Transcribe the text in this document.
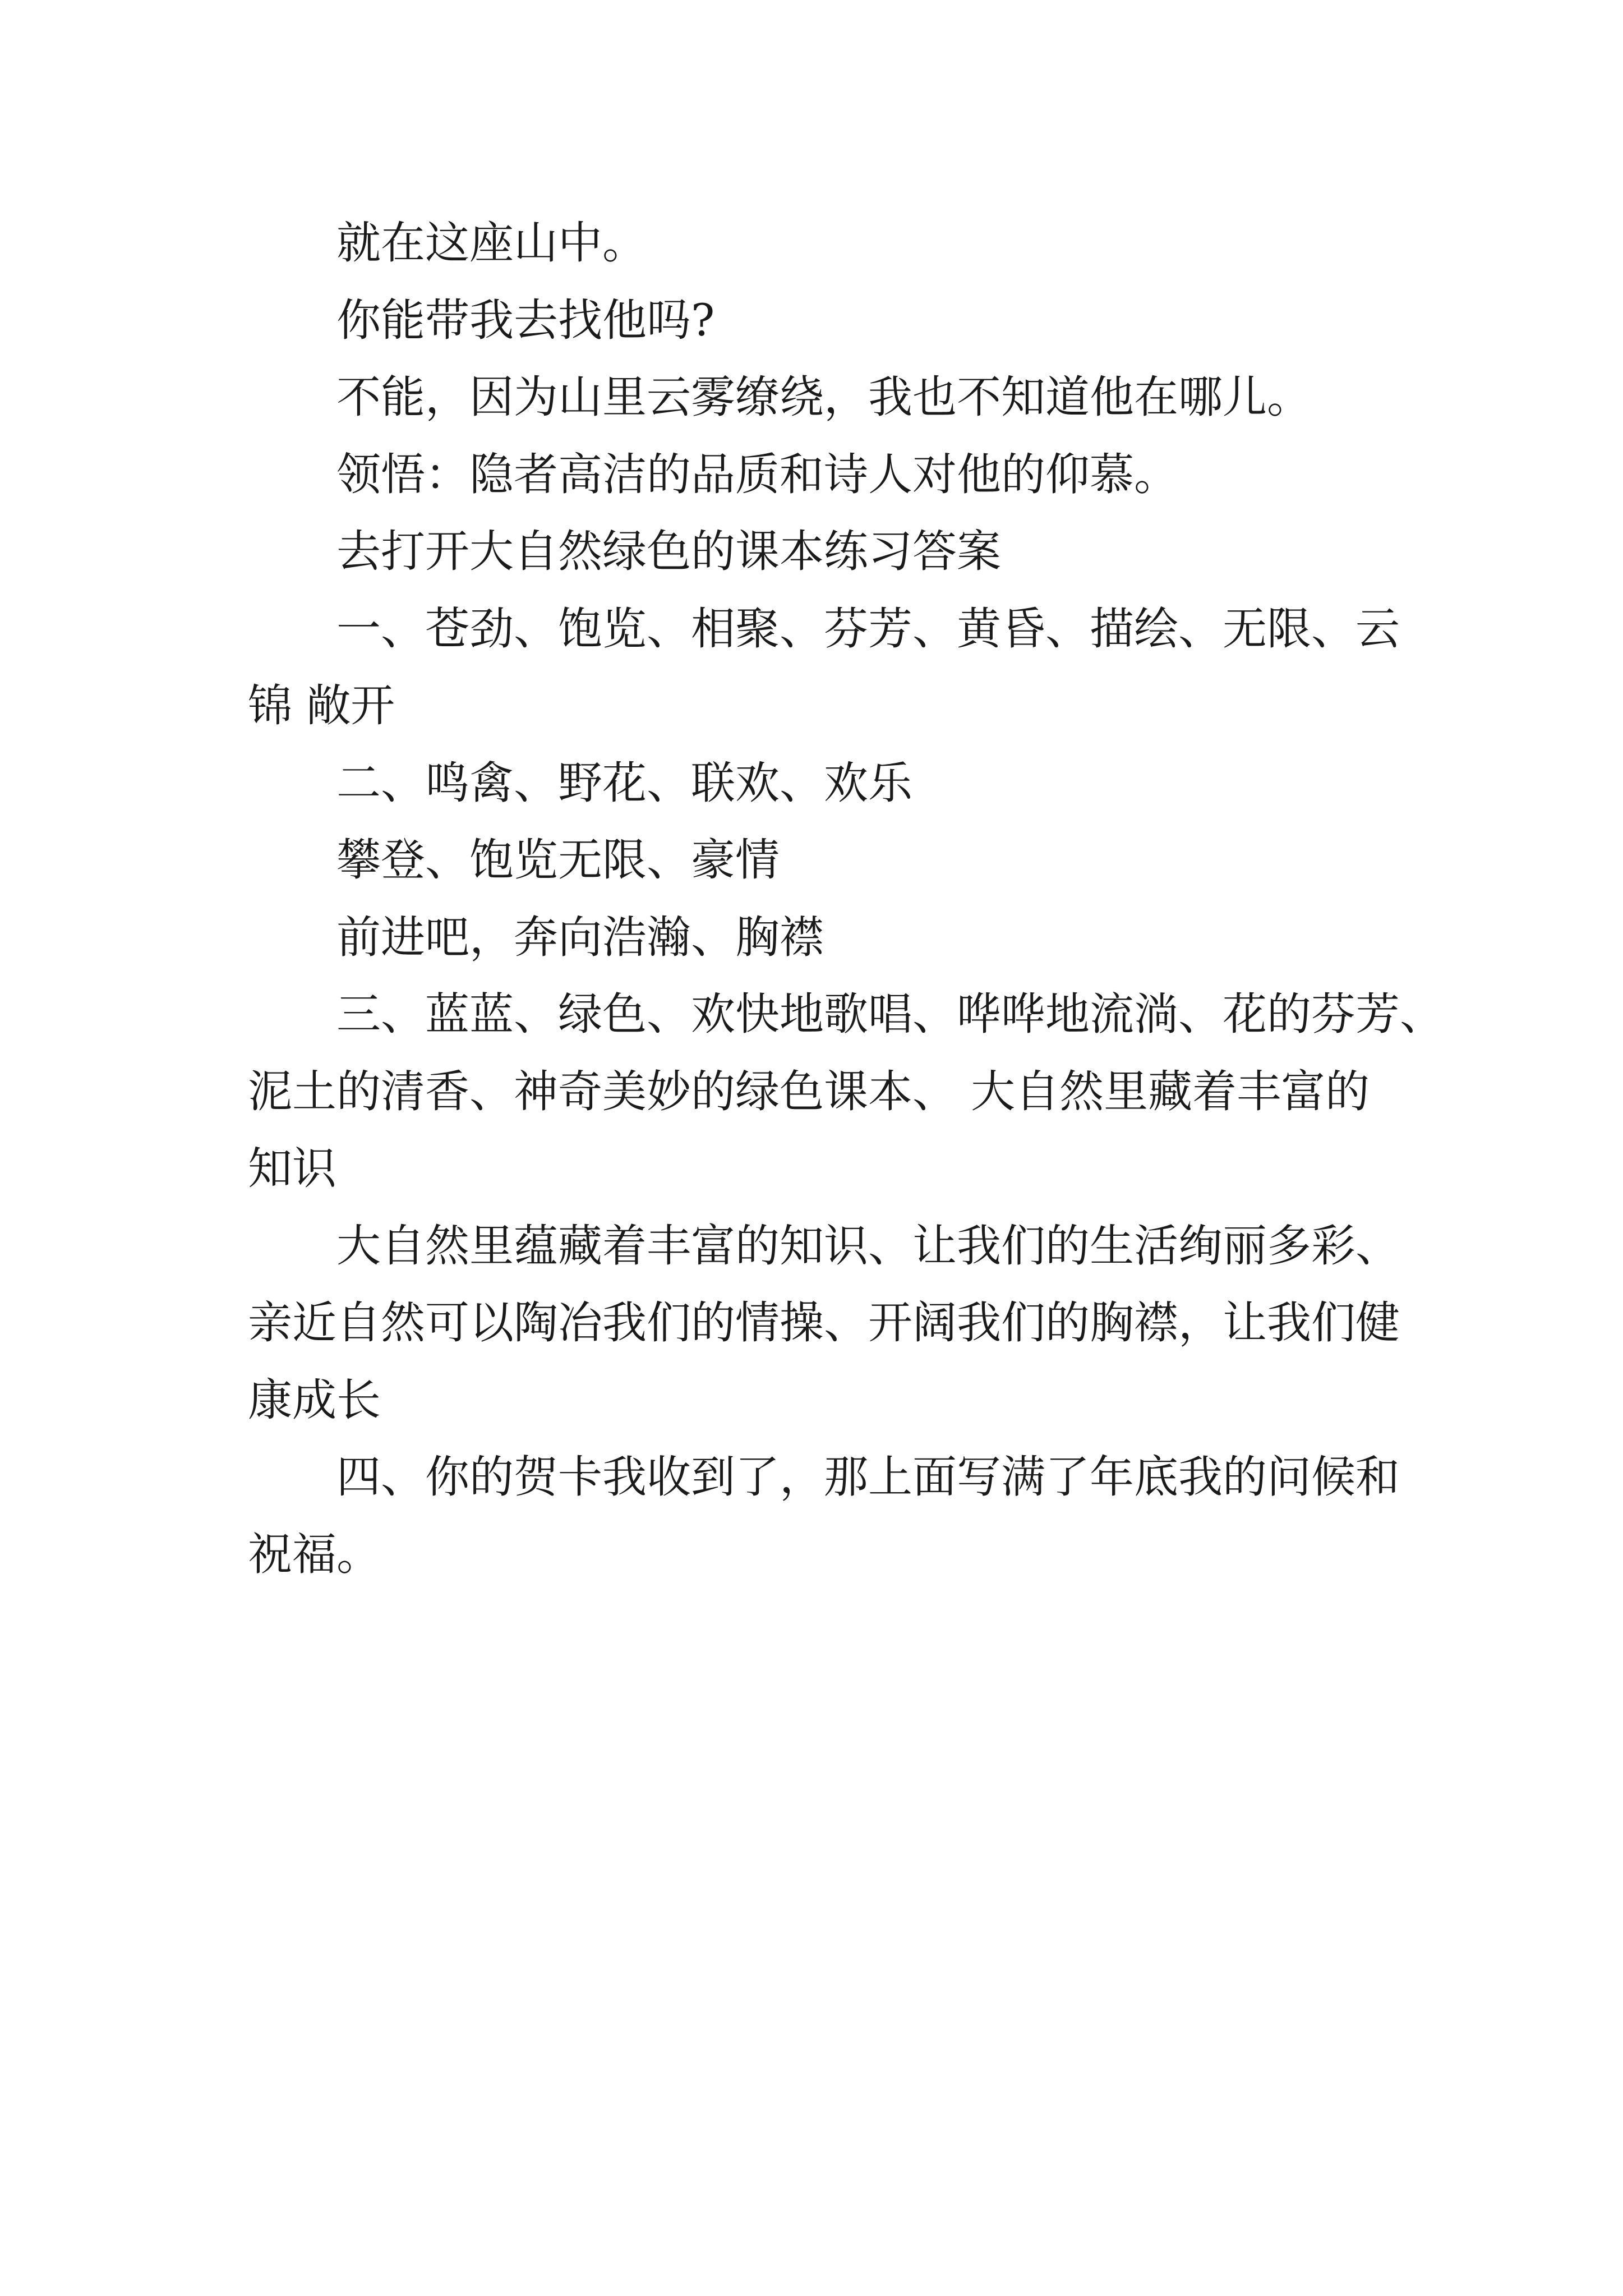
就在这座山中。
你能带我去找他吗?
不能，因为山里云雾缭绕，我也不知道他在哪儿。
领悟：隐者高洁的品质和诗人对他的仰慕。
去打开大自然绿色的课本练习答案
一、苍劲、饱览、相聚、芬芳、黄昏、描绘、无限、云
锦 敞开
二、鸣禽、野花、联欢、欢乐
攀登、饱览无限、豪情
前进吧，奔向浩瀚、胸襟
三、蓝蓝、绿色、欢快地歌唱、哗哗地流淌、花的芬芳、
泥土的清香、神奇美妙的绿色课本、 大自然里藏着丰富的
知识
大自然里蕴藏着丰富的知识、让我们的生活绚丽多彩、
亲近自然可以陶冶我们的情操、开阔我们的胸襟，让我们健
康成长
四、你的贺卡我收到了，那上面写满了年底我的问候和
祝福。
